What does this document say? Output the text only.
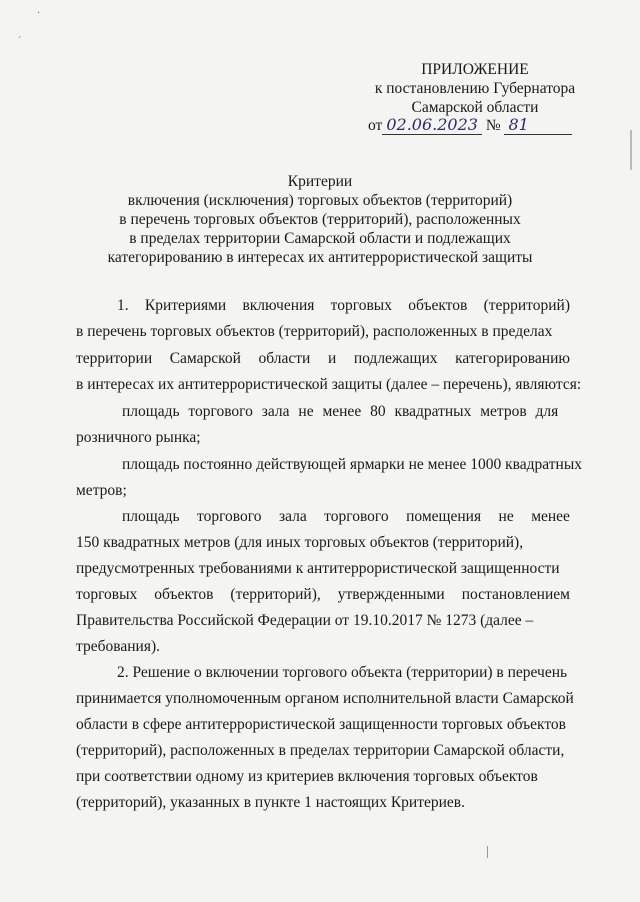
·
ˊ
ПРИЛОЖЕНИЕ
к постановлению Губернатора
Самарской области
от 02.06.2023 № 81
Критерии
включения (исключения) торговых объектов (территорий)
в перечень торговых объектов (территорий), расположенных
в пределах территории Самарской области и подлежащих
категорированию в интересах их антитеррористической защиты
1. Критериями включения торговых объектов (территорий)
в перечень торговых объектов (территорий), расположенных в пределах
территории Самарской области и подлежащих категорированию
в интересах их антитеррористической защиты (далее – перечень), являются:
площадь торгового зала не менее 80 квадратных метров для
розничного рынка;
площадь постоянно действующей ярмарки не менее 1000 квадратных
метров;
площадь торгового зала торгового помещения не менее
150 квадратных метров (для иных торговых объектов (территорий),
предусмотренных требованиями к антитеррористической защищенности
торговых объектов (территорий), утвержденными постановлением
Правительства Российской Федерации от 19.10.2017 № 1273 (далее –
требования).
2. Решение о включении торгового объекта (территории) в перечень
принимается уполномоченным органом исполнительной власти Самарской
области в сфере антитеррористической защищенности торговых объектов
(территорий), расположенных в пределах территории Самарской области,
при соответствии одному из критериев включения торговых объектов
(территорий), указанных в пункте 1 настоящих Критериев.
